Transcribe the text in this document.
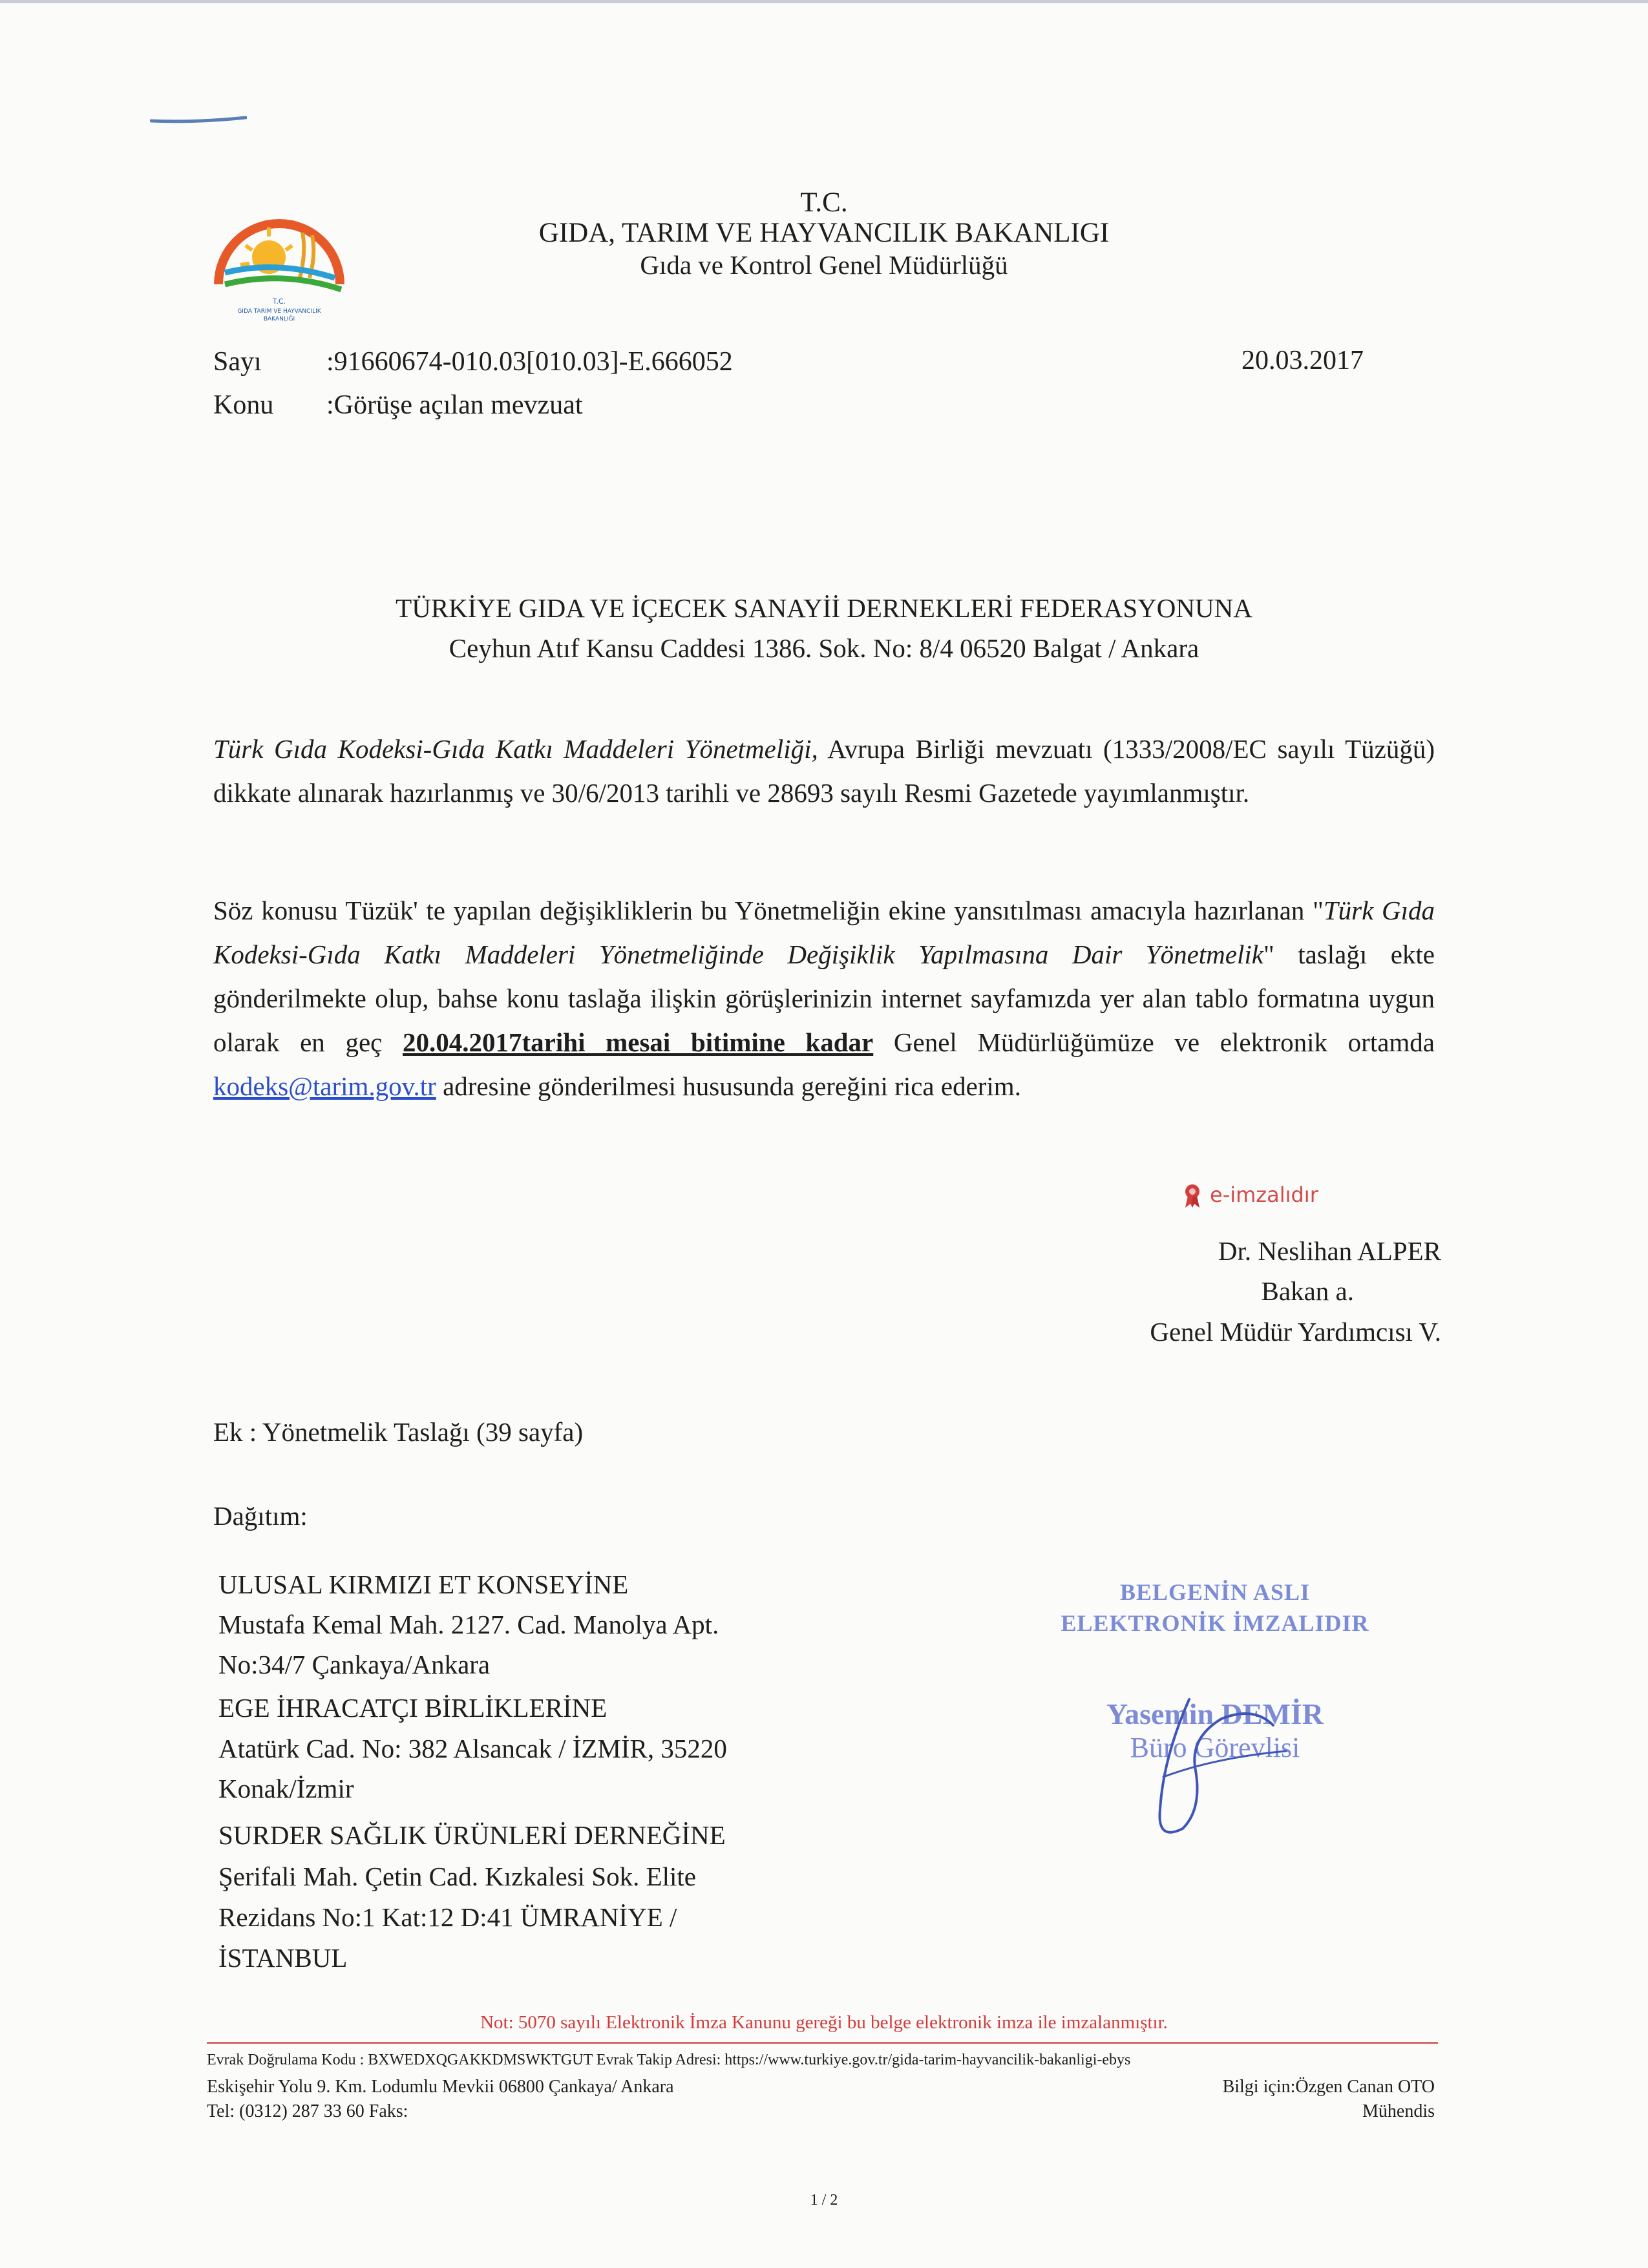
T.C.
GIDA TARIM VE HAYVANCILIK
BAKANLIĞI
T.C.
GIDA, TARIM VE HAYVANCILIK BAKANLIGI
Gıda ve Kontrol Genel Müdürlüğü
Sayı :91660674-010.03[010.03]-E.666052
Konu :Görüşe açılan mevzuat
20.03.2017
TÜRKİYE GIDA VE İÇECEK SANAYİİ DERNEKLERİ FEDERASYONUNA
Ceyhun Atıf Kansu Caddesi 1386. Sok. No: 8/4 06520 Balgat / Ankara
Türk Gıda Kodeksi-Gıda Katkı Maddeleri Yönetmeliği, Avrupa Birliği mevzuatı (1333/2008/EC sayılı Tüzüğü) dikkate alınarak hazırlanmış ve 30/6/2013 tarihli ve 28693 sayılı Resmi Gazetede yayımlanmıştır.
Söz konusu Tüzük' te yapılan değişikliklerin bu Yönetmeliğin ekine yansıtılması amacıyla hazırlanan "Türk Gıda Kodeksi-Gıda Katkı Maddeleri Yönetmeliğinde Değişiklik Yapılmasına Dair Yönetmelik" taslağı ekte gönderilmekte olup, bahse konu taslağa ilişkin görüşlerinizin internet sayfamızda yer alan tablo formatına uygun olarak en geç 20.04.2017tarihi mesai bitimine kadar Genel Müdürlüğümüze ve elektronik ortamda kodeks@tarim.gov.tr adresine gönderilmesi hususunda gereğini rica ederim.
e-imzalıdır
Dr. Neslihan ALPER
Bakan a.
Genel Müdür Yardımcısı V.
Ek : Yönetmelik Taslağı (39 sayfa)
Dağıtım:
ULUSAL KIRMIZI ET KONSEYİNE
Mustafa Kemal Mah. 2127. Cad. Manolya Apt.
No:34/7 Çankaya/Ankara
EGE İHRACATÇI BİRLİKLERİNE
Atatürk Cad. No: 382 Alsancak / İZMİR, 35220
Konak/İzmir
SURDER SAĞLIK ÜRÜNLERİ DERNEĞİNE
Şerifali Mah. Çetin Cad. Kızkalesi Sok. Elite
Rezidans No:1 Kat:12 D:41 ÜMRANİYE /
İSTANBUL
BELGENİN ASLI
ELEKTRONİK İMZALIDIR
Yasemin DEMİR
Büro Görevlisi
Not: 5070 sayılı Elektronik İmza Kanunu gereği bu belge elektronik imza ile imzalanmıştır.
Evrak Doğrulama Kodu : BXWEDXQGAKKDMSWKTGUT Evrak Takip Adresi: https://www.turkiye.gov.tr/gida-tarim-hayvancilik-bakanligi-ebys
Eskişehir Yolu 9. Km. Lodumlu Mevkii 06800 Çankaya/ Ankara
Tel: (0312) 287 33 60 Faks:
Bilgi için:Özgen Canan OTO
Mühendis
1 / 2
